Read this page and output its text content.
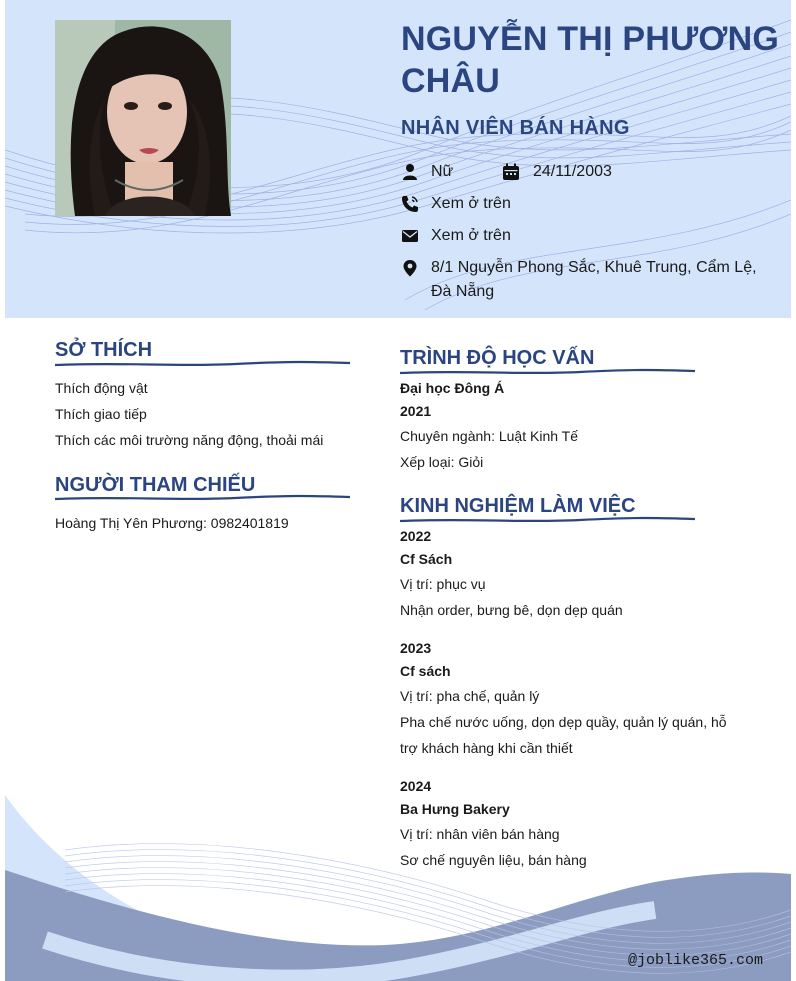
NGUYỄN THỊ PHƯƠNG CHÂU
NHÂN VIÊN BÁN HÀNG
Nữ	24/11/2003
Xem ở trên
Xem ở trên
8/1 Nguyễn Phong Sắc, Khuê Trung, Cẩm Lệ, Đà Nẵng
SỞ THÍCH

Thích động vật

Thích giao tiếp

Thích các môi trường năng động, thoải mái

NGƯỜI THAM CHIẾU

Hoàng Thị Yên Phương: 0982401819

TRÌNH ĐỘ HỌC VẤN

Đại học Đông Á

2021

Chuyên ngành: Luật Kinh Tế

Xếp loại: Giỏi

KINH NGHIỆM LÀM VIỆC

2022

Cf Sách

Vị trí: phục vụ

Nhận order, bưng bê, dọn dẹp quán

2023

Cf sách

Vị trí: pha chế, quản lý

Pha chế nước uống, dọn dẹp quầy, quản lý quán, hỗ trợ khách hàng khi cần thiết

2024

Ba Hưng Bakery

Vị trí: nhân viên bán hàng

Sơ chế nguyên liệu, bán hàng

@joblike365.com
